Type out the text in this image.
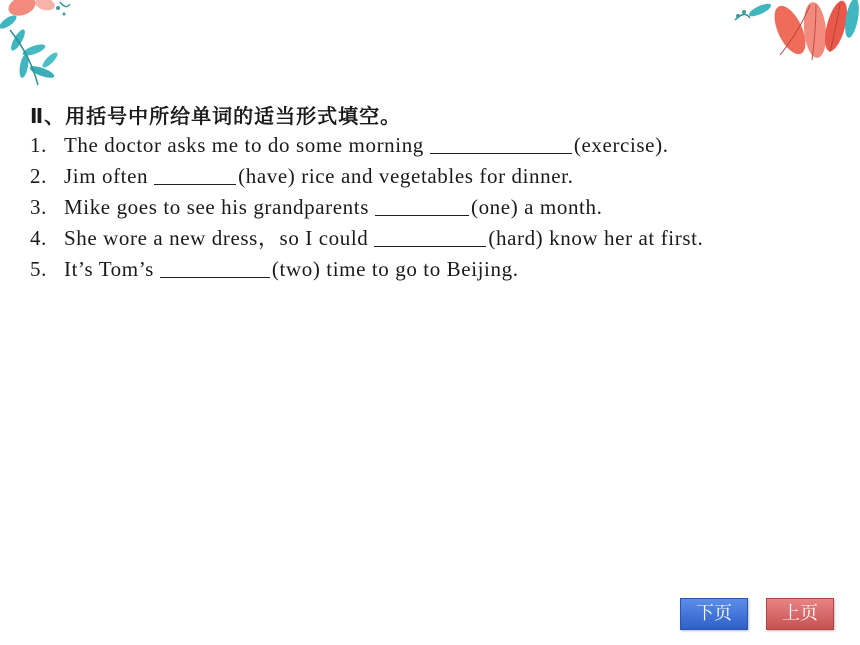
Ⅱ、用括号中所给单词的适当形式填空。
1. The doctor asks me to do some morning	(exercise).
2. Jim often	(have) rice and vegetables for dinner.
3. Mike goes to see his grandparents	(one) a month.
4. She wore a new dress，so I could	(hard) know her at first.
5. It’s Tom’s	(two) time to go to Beijing.
下页	上页
